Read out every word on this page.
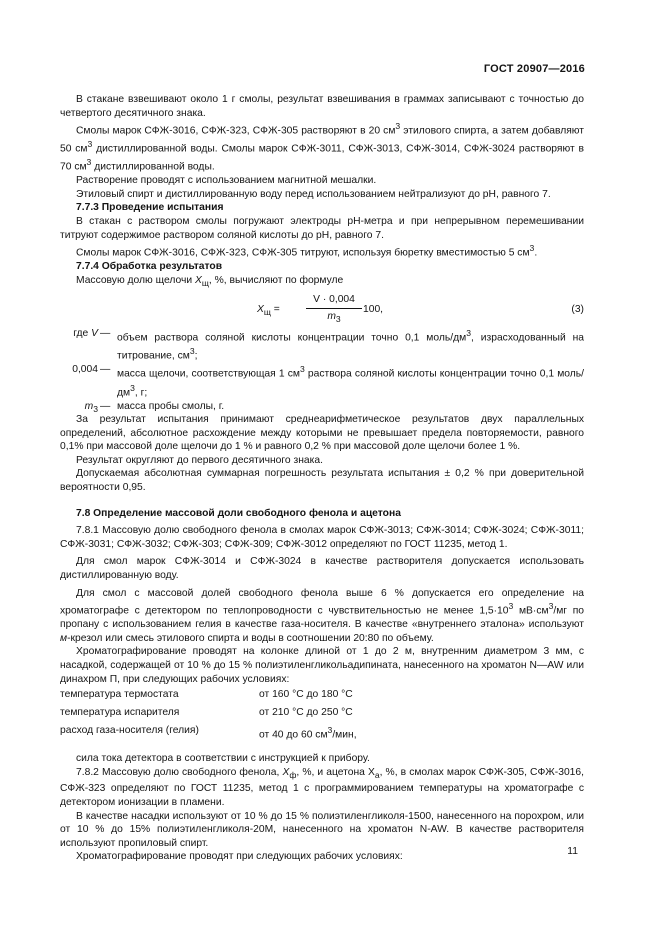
ГОСТ 20907—2016

В стакане взвешивают около 1 г смолы, результат взвешивания в граммах записывают с точностью до четвертого десятичного знака.

Смолы марок СФЖ-3016, СФЖ-323, СФЖ-305 растворяют в 20 $см^3$ этилового спирта, а затем добавляют 50 $см^3$ дистиллированной воды. Смолы марок СФЖ-3011, СФЖ-3013, СФЖ-3014, СФЖ-3024 растворяют в 70 $см^3$ дистиллированной воды.

Растворение проводят с использованием магнитной мешалки.

Этиловый спирт и дистиллированную воду перед использованием нейтрализуют до pH, равного 7.

7.7.3 Проведение испытания

В стакан с раствором смолы погружают электроды pH-метра и при непрерывном перемешивании титруют содержимое раствором соляной кислоты до pH, равного 7.

Смолы марок СФЖ-3016, СФЖ-323, СФЖ-305 титруют, используя бюретку вместимостью 5 $см^3$.

7.7.4 Обработка результатов

Массовую долю щелочи $X_щ$, %, вычисляют по формуле

$X_щ$ =	$\frac{V \cdot 0,004}{m_3} 100$,	(3)
где V — объем раствора соляной кислоты концентрации точно 0,1 моль/$дм^3$, израсходованный на титрование, $см^3$;

0,004 — масса щелочи, соответствующая 1 $см^3$ раствора соляной кислоты концентрации точно 0,1 моль/$дм^3$, г;

$m_3$ — масса пробы смолы, г.

За результат испытания принимают среднеарифметическое результатов двух параллельных определений, абсолютное расхождение между которыми не превышает предела повторяемости, равного 0,1% при массовой доле щелочи до 1 % и равного 0,2 % при массовой доле щелочи более 1 %.

Результат округляют до первого десятичного знака.

Допускаемая абсолютная суммарная погрешность результата испытания ± 0,2 % при доверительной вероятности 0,95.

7.8 Определение массовой доли свободного фенола и ацетона

7.8.1 Массовую долю свободного фенола в смолах марок СФЖ-3013; СФЖ-3014; СФЖ-3024; СФЖ-3011; СФЖ-3031; СФЖ-3032; СФЖ-303; СФЖ-309; СФЖ-3012 определяют по ГОСТ 11235, метод 1.

Для смол марок СФЖ-3014 и СФЖ-3024 в качестве растворителя допускается использовать дистиллированную воду.

Для смол с массовой долей свободного фенола выше 6 % допускается его определение на хроматографе с детектором по теплопроводности с чувствительностью не менее $1,5\cdot 10^3$ $мВ\cdot см^3/мг$ по пропану с использованием гелия в качестве газа-носителя. В качестве «внутреннего эталона» используют м-крезол или смесь этилового спирта и воды в соотношении 20:80 по объему.

Хроматографирование проводят на колонке длиной от 1 до 2 м, внутренним диаметром 3 мм, с насадкой, содержащей от 10 % до 15 % полиэтиленгликольадипината, нанесенного на хроматон N—AW или динахром П, при следующих рабочих условиях:

температура термостата	от 160 °С до 180 °С
температура испарителя	от 210 °С до 250 °С
расход газа-носителя (гелия)	от 40 до 60 $см^3$/мин,

сила тока детектора в соответствии с инструкцией к прибору.

7.8.2 Массовую долю свободного фенола, $X_ф$, %, и ацетона $X_а$, %, в смолах марок СФЖ-305, СФЖ-3016, СФЖ-323 определяют по ГОСТ 11235, метод 1 с программированием температуры на хроматографе с детектором ионизации в пламени.

В качестве насадки используют от 10 % до 15 % полиэтиленгликоля-1500, нанесенного на порохром, или от 10 % до 15% полиэтиленгликоля-20М, нанесенного на хроматон N-AW. В качестве растворителя используют пропиловый спирт.

Хроматографирование проводят при следующих рабочих условиях:	11
